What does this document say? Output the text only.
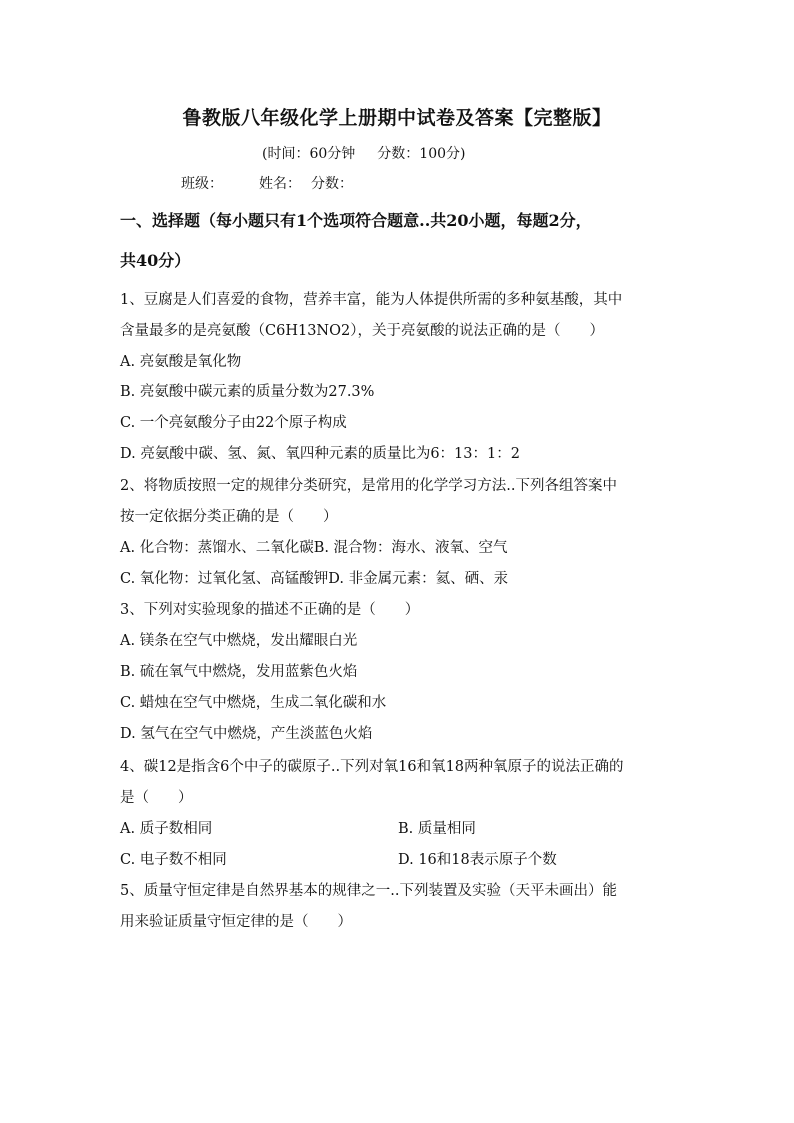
鲁教版八年级化学上册期中试卷及答案【完整版】
(时间：60分钟 分数：100分)
班级：	姓名： 分数：
一、选择题（每小题只有1个选项符合题意..共20小题，每题2分，
共40分）
1、豆腐是人们喜爱的食物，营养丰富，能为人体提供所需的多种氨基酸，其中
含量最多的是亮氨酸（C6H13NO2），关于亮氨酸的说法正确的是（　　）
A. 亮氨酸是氧化物
B. 亮氨酸中碳元素的质量分数为27.3%
C. 一个亮氨酸分子由22个原子构成
D. 亮氨酸中碳、氢、氮、氧四种元素的质量比为6：13：1：2
2、将物质按照一定的规律分类研究，是常用的化学学习方法..下列各组答案中
按一定依据分类正确的是（　　）
A. 化合物：蒸馏水、二氧化碳B. 混合物：海水、液氧、空气
C. 氧化物：过氧化氢、高锰酸钾D. 非金属元素：氦、硒、汞
3、下列对实验现象的描述不正确的是（　　）
A. 镁条在空气中燃烧，发出耀眼白光
B. 硫在氧气中燃烧，发用蓝紫色火焰
C. 蜡烛在空气中燃烧，生成二氧化碳和水
D. 氢气在空气中燃烧，产生淡蓝色火焰
4、碳12是指含6个中子的碳原子..下列对氧16和氧18两种氧原子的说法正确的
是（　　）
A. 质子数相同	B. 质量相同
C. 电子数不相同	D. 16和18表示原子个数
5、质量守恒定律是自然界基本的规律之一..下列装置及实验（天平未画出）能
用来验证质量守恒定律的是（　　）
